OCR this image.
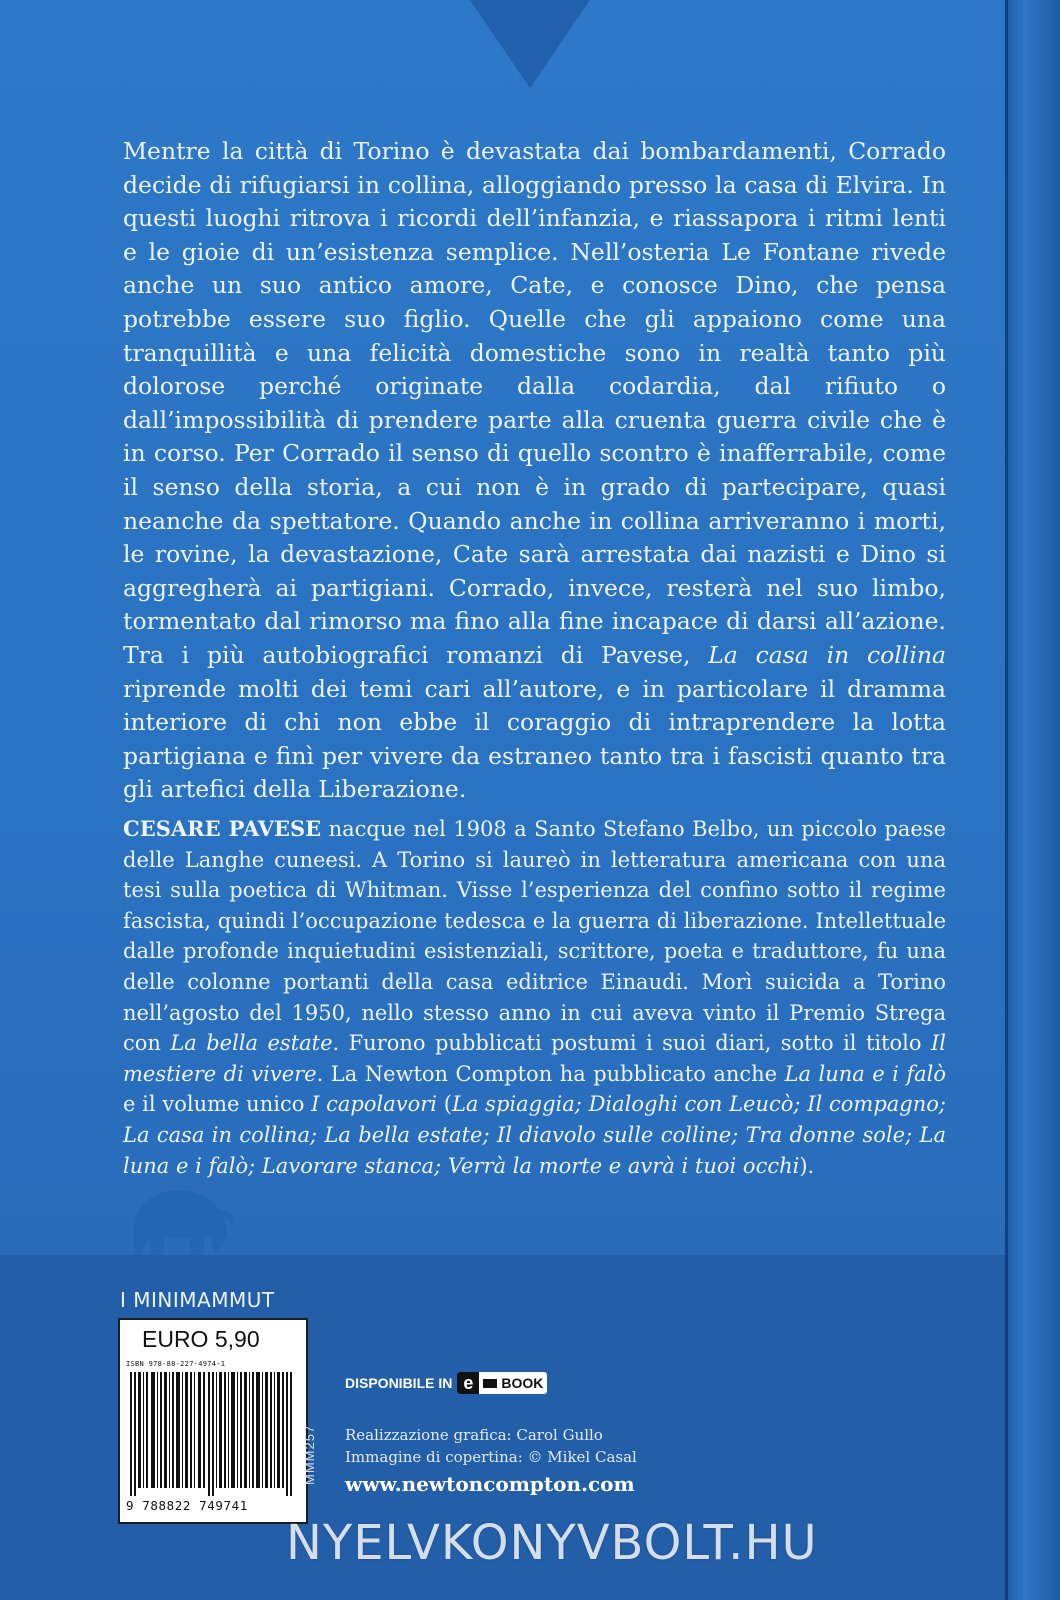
Mentre la città di Torino è devastata dai bombardamenti, Corrado decide di rifugiarsi in collina, alloggiando presso la casa di Elvira. In questi luoghi ritrova i ricordi dell’infanzia, e riassapora i ritmi lenti e le gioie di un’esistenza semplice. Nell’osteria Le Fontane rivede anche un suo antico amore, Cate, e conosce Dino, che pensa potrebbe essere suo figlio. Quelle che gli appaiono come una tranquillità e una felicità domestiche sono in realtà tanto più dolorose perché originate dalla codardia, dal rifiuto o dall’impossibilità di prendere parte alla cruenta guerra civile che è in corso. Per Corrado il senso di quello scontro è inafferrabile, come il senso della storia, a cui non è in grado di partecipare, quasi neanche da spettatore. Quando anche in collina arriveranno i morti, le rovine, la devastazione, Cate sarà arrestata dai nazisti e Dino si aggregherà ai partigiani. Corrado, invece, resterà nel suo limbo, tormentato dal rimorso ma fino alla fine incapace di darsi all’azione. Tra i più autobiografici romanzi di Pavese, La casa in collina riprende molti dei temi cari all’autore, e in particolare il dramma interiore di chi non ebbe il coraggio di intraprendere la lotta partigiana e finì per vivere da estraneo tanto tra i fascisti quanto tra gli artefici della Liberazione.

CESARE PAVESE nacque nel 1908 a Santo Stefano Belbo, un piccolo paese delle Langhe cuneesi. A Torino si laureò in letteratura americana con una tesi sulla poetica di Whitman. Visse l’esperienza del confino sotto il regime fascista, quindi l’occupazione tedesca e la guerra di liberazione. Intellettuale dalle profonde inquietudini esistenziali, scrittore, poeta e traduttore, fu una delle colonne portanti della casa editrice Einaudi. Morì suicida a Torino nell’agosto del 1950, nello stesso anno in cui aveva vinto il Premio Strega con La bella estate. Furono pubblicati postumi i suoi diari, sotto il titolo Il mestiere di vivere. La Newton Compton ha pubblicato anche La luna e i falò e il volume unico I capolavori (La spiaggia; Dialoghi con Leucò; Il compagno; La casa in collina; La bella estate; Il diavolo sulle colline; Tra donne sole; La luna e i falò; Lavorare stanca; Verrà la morte e avrà i tuoi occhi).

I MINIMAMMUT
EURO 5,90
ISBN 978-88-227-4974-1
9 788822 749741
MMM257
DISPONIBILE IN e	BOOK
Realizzazione grafica: Carol Gullo
Immagine di copertina: © Mikel Casal
www.newtoncompton.com
NYELVKONYVBOLT.HU
